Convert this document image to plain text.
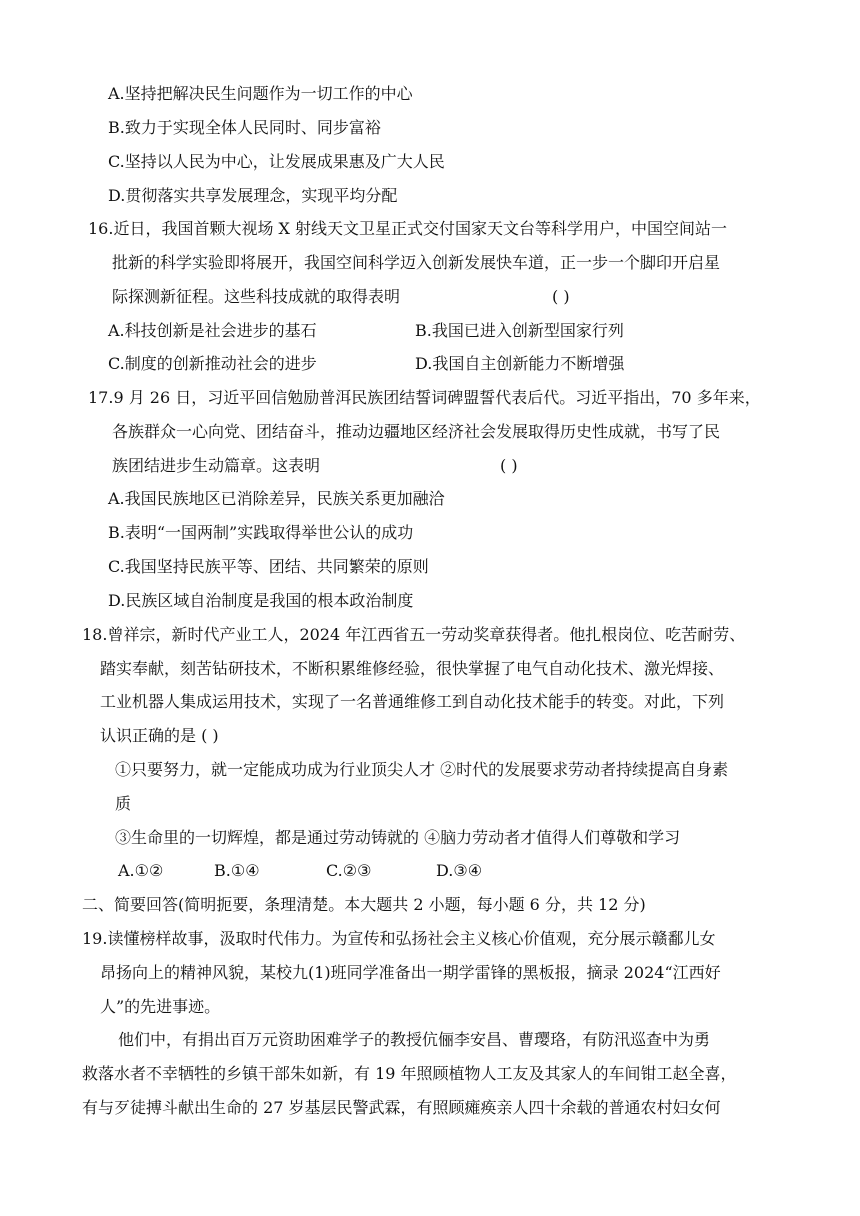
A.坚持把解决民生问题作为一切工作的中心
B.致力于实现全体人民同时、同步富裕
C.坚持以人民为中心，让发展成果惠及广大人民
D.贯彻落实共享发展理念，实现平均分配
16.近日，我国首颗大视场 X 射线天文卫星正式交付国家天文台等科学用户，中国空间站一
批新的科学实验即将展开，我国空间科学迈入创新发展快车道，正一步一个脚印开启星
际探测新征程。这些科技成就的取得表明	( )
A.科技创新是社会进步的基石	B.我国已进入创新型国家行列
C.制度的创新推动社会的进步	D.我国自主创新能力不断增强
17.9 月 26 日，习近平回信勉励普洱民族团结誓词碑盟誓代表后代。习近平指出，70 多年来，
各族群众一心向党、团结奋斗，推动边疆地区经济社会发展取得历史性成就，书写了民
族团结进步生动篇章。这表明	( )
A.我国民族地区已消除差异，民族关系更加融洽
B.表明“一国两制”实践取得举世公认的成功
C.我国坚持民族平等、团结、共同繁荣的原则
D.民族区域自治制度是我国的根本政治制度
18.曾祥宗，新时代产业工人，2024 年江西省五一劳动奖章获得者。他扎根岗位、吃苦耐劳、
踏实奉献，刻苦钻研技术，不断积累维修经验，很快掌握了电气自动化技术、激光焊接、
工业机器人集成运用技术，实现了一名普通维修工到自动化技术能手的转变。对此，下列
认识正确的是 ( )
①只要努力，就一定能成功成为行业顶尖人才 ②时代的发展要求劳动者持续提高自身素
质
③生命里的一切辉煌，都是通过劳动铸就的 ④脑力劳动者才值得人们尊敬和学习
A.①②	B.①④	C.②③	D.③④
二、简要回答(简明扼要，条理清楚。本大题共 2 小题，每小题 6 分，共 12 分)
19.读懂榜样故事，汲取时代伟力。为宣传和弘扬社会主义核心价值观，充分展示赣鄱儿女
昂扬向上的精神风貌，某校九(1)班同学准备出一期学雷锋的黑板报，摘录 2024“江西好
人”的先进事迹。
他们中，有捐出百万元资助困难学子的教授伉俪李安昌、曹璎珞，有防汛巡查中为勇
救落水者不幸牺牲的乡镇干部朱如新，有 19 年照顾植物人工友及其家人的车间钳工赵全喜，
有与歹徒搏斗献出生命的 27 岁基层民警武霖，有照顾瘫痪亲人四十余载的普通农村妇女何
